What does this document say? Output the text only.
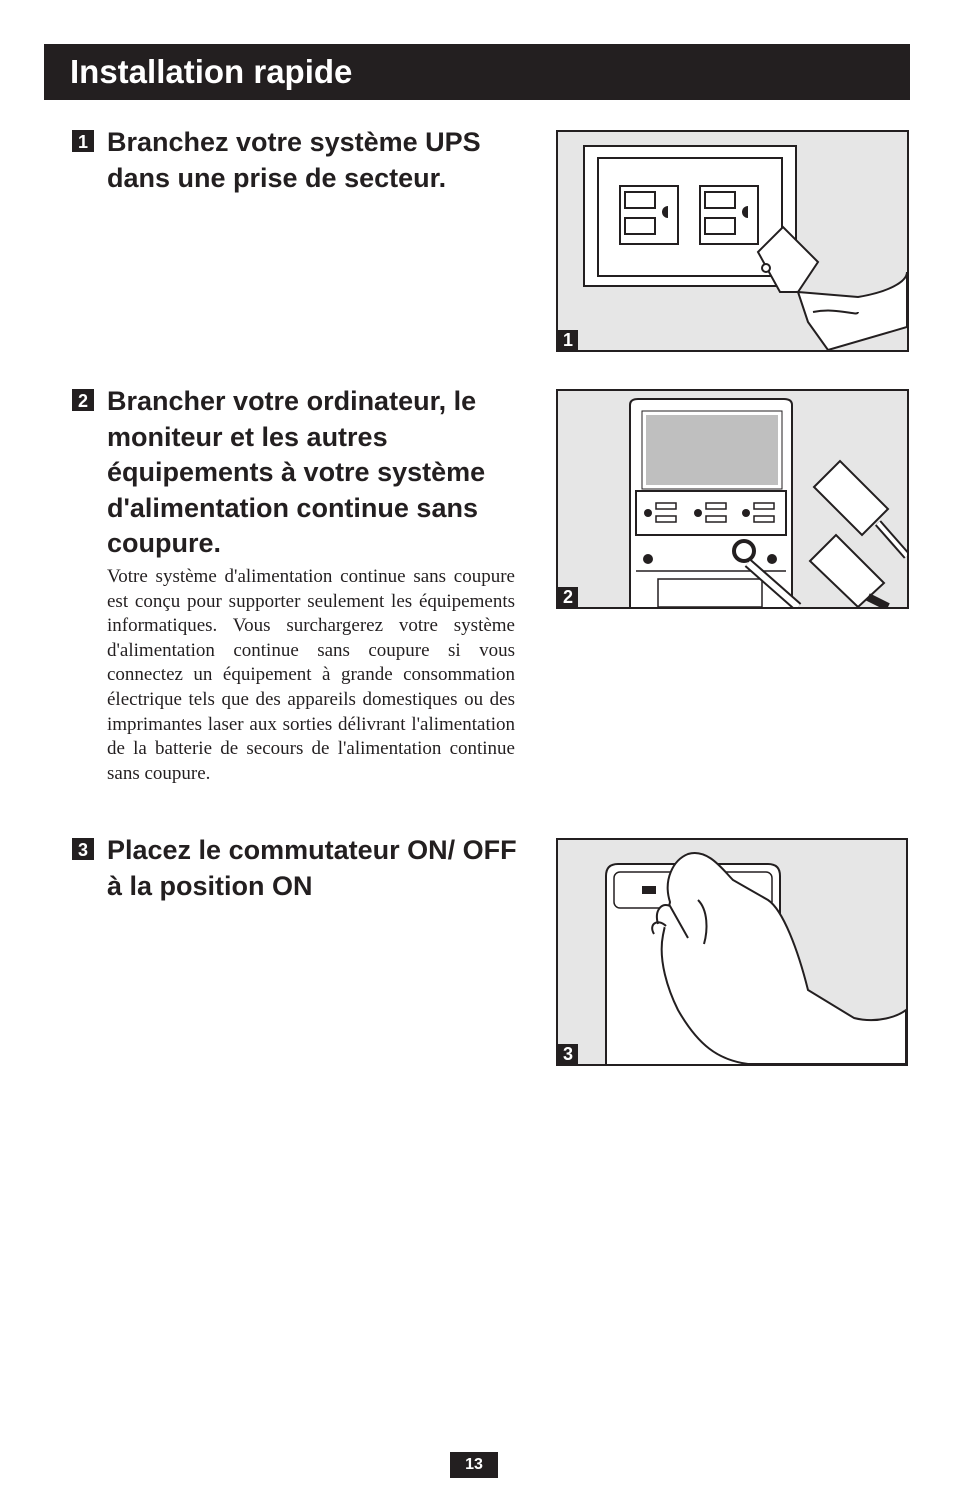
Installation rapide
1 Branchez votre système UPS dans une prise de secteur.
1
2 Brancher votre ordinateur, le moniteur et les autres équipements à votre système d'alimentation continue sans coupure.

Votre système d'alimentation continue sans coupure est conçu pour supporter seulement les équipements informatiques. Vous surchargerez votre système d'alimentation continue sans coupure si vous connectez un équipement à grande consommation électrique tels que des appareils domestiques ou des imprimantes laser aux sorties délivrant l'alimentation de la batterie de secours de l'alimentation continue sans coupure.

2
3 Placez le commutateur ON/ OFF à la position ON
3
13
